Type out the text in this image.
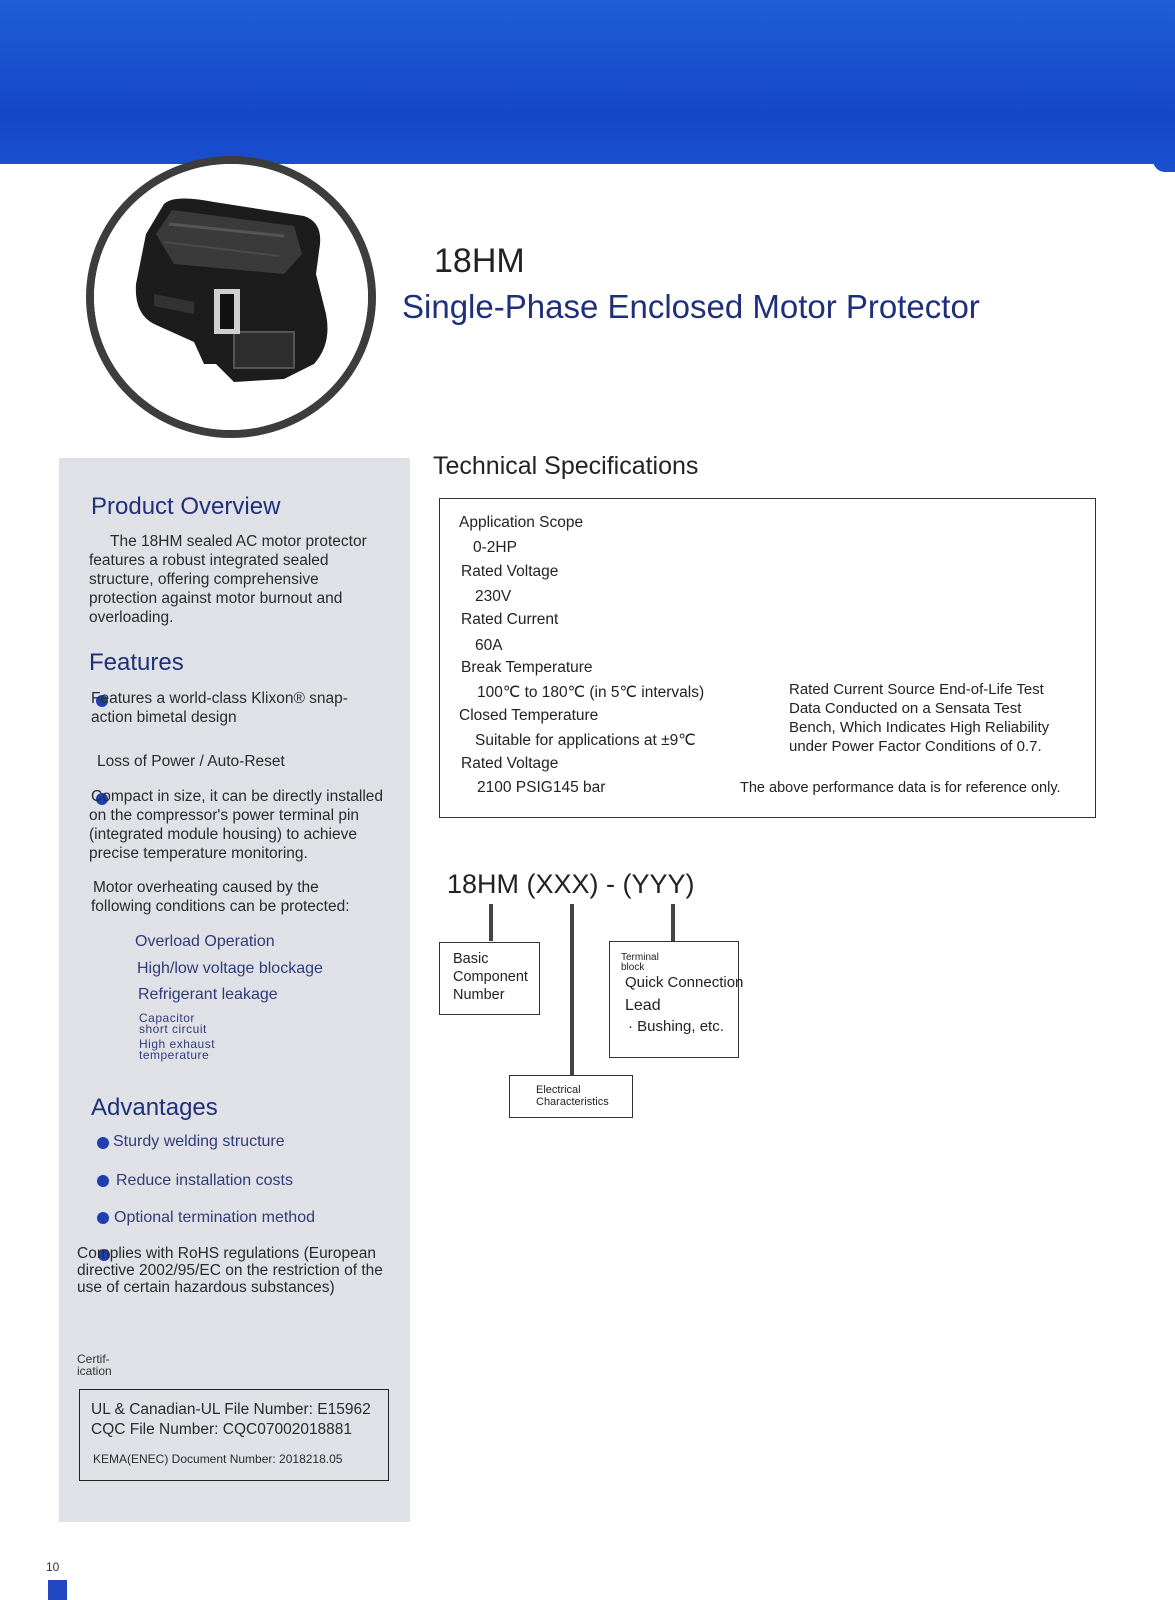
18HM
Single-Phase Enclosed Motor Protector
Product Overview

The 18HM sealed AC motor protector

features a robust integrated sealed

structure, offering comprehensive

protection against motor burnout and

overloading.

Features

Features a world-class Klixon® snap-

action bimetal design

Loss of Power / Auto-Reset

Compact in size, it can be directly installed

on the compressor's power terminal pin

(integrated module housing) to achieve

precise temperature monitoring.

Motor overheating caused by the

following conditions can be protected:

Overload Operation
High/low voltage blockage
Refrigerant leakage
Capacitor
short circuit
High exhaust
temperature
Advantages
Sturdy welding structure
Reduce installation costs
Optional termination method

Complies with RoHS regulations (European

directive 2002/95/EC on the restriction of the

use of certain hazardous substances)

Certif-
ication
UL & Canadian-UL File Number: E15962
CQC File Number: CQC07002018881
KEMA(ENEC) Document Number: 2018218.05
Technical Specifications
Application Scope
0-2HP
Rated Voltage
230V
Rated Current
60A
Break Temperature
100℃ to 180℃ (in 5℃ intervals)
Closed Temperature
Suitable for applications at ±9℃
Rated Voltage
2100 PSIG145 bar
Rated Current Source End-of-Life Test
Data Conducted on a Sensata Test
Bench, Which Indicates High Reliability
under Power Factor Conditions of 0.7.
The above performance data is for reference only.
18HM (XXX) - (YYY)
Basic
Component
Number
Terminal
block
Quick Connection
Lead
· Bushing, etc.
Electrical
Characteristics
10
